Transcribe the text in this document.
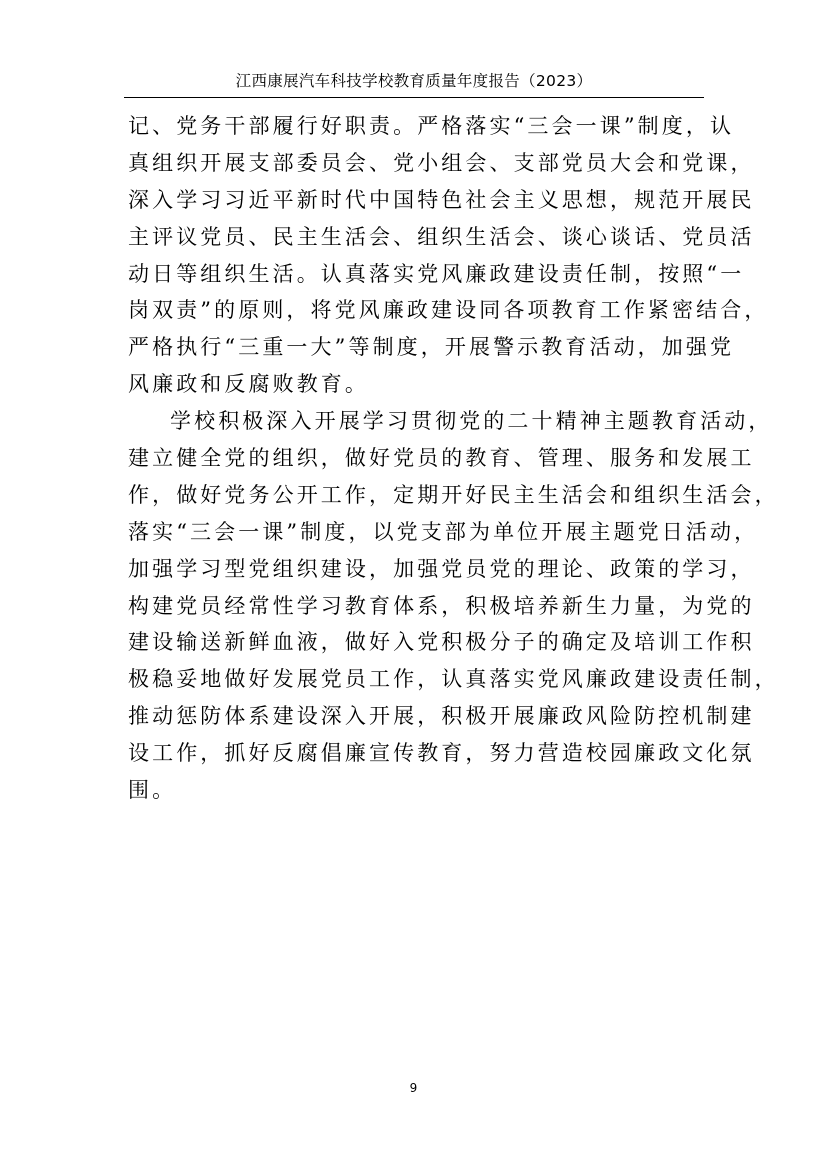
江西康展汽车科技学校教育质量年度报告（2023）
记、党务干部履行好职责。严格落实“三会一课”制度，认
真组织开展支部委员会、党小组会、支部党员大会和党课，
深入学习习近平新时代中国特色社会主义思想，规范开展民
主评议党员、民主生活会、组织生活会、谈心谈话、党员活
动日等组织生活。认真落实党风廉政建设责任制，按照“一
岗双责”的原则，将党风廉政建设同各项教育工作紧密结合，
严格执行“三重一大”等制度，开展警示教育活动，加强党
风廉政和反腐败教育。
学校积极深入开展学习贯彻党的二十精神主题教育活动，
建立健全党的组织，做好党员的教育、管理、服务和发展工
作，做好党务公开工作，定期开好民主生活会和组织生活会，
落实“三会一课”制度，以党支部为单位开展主题党日活动，
加强学习型党组织建设，加强党员党的理论、政策的学习，
构建党员经常性学习教育体系，积极培养新生力量，为党的
建设输送新鲜血液，做好入党积极分子的确定及培训工作积
极稳妥地做好发展党员工作，认真落实党风廉政建设责任制，
推动惩防体系建设深入开展，积极开展廉政风险防控机制建
设工作，抓好反腐倡廉宣传教育，努力营造校园廉政文化氛
围。
9
